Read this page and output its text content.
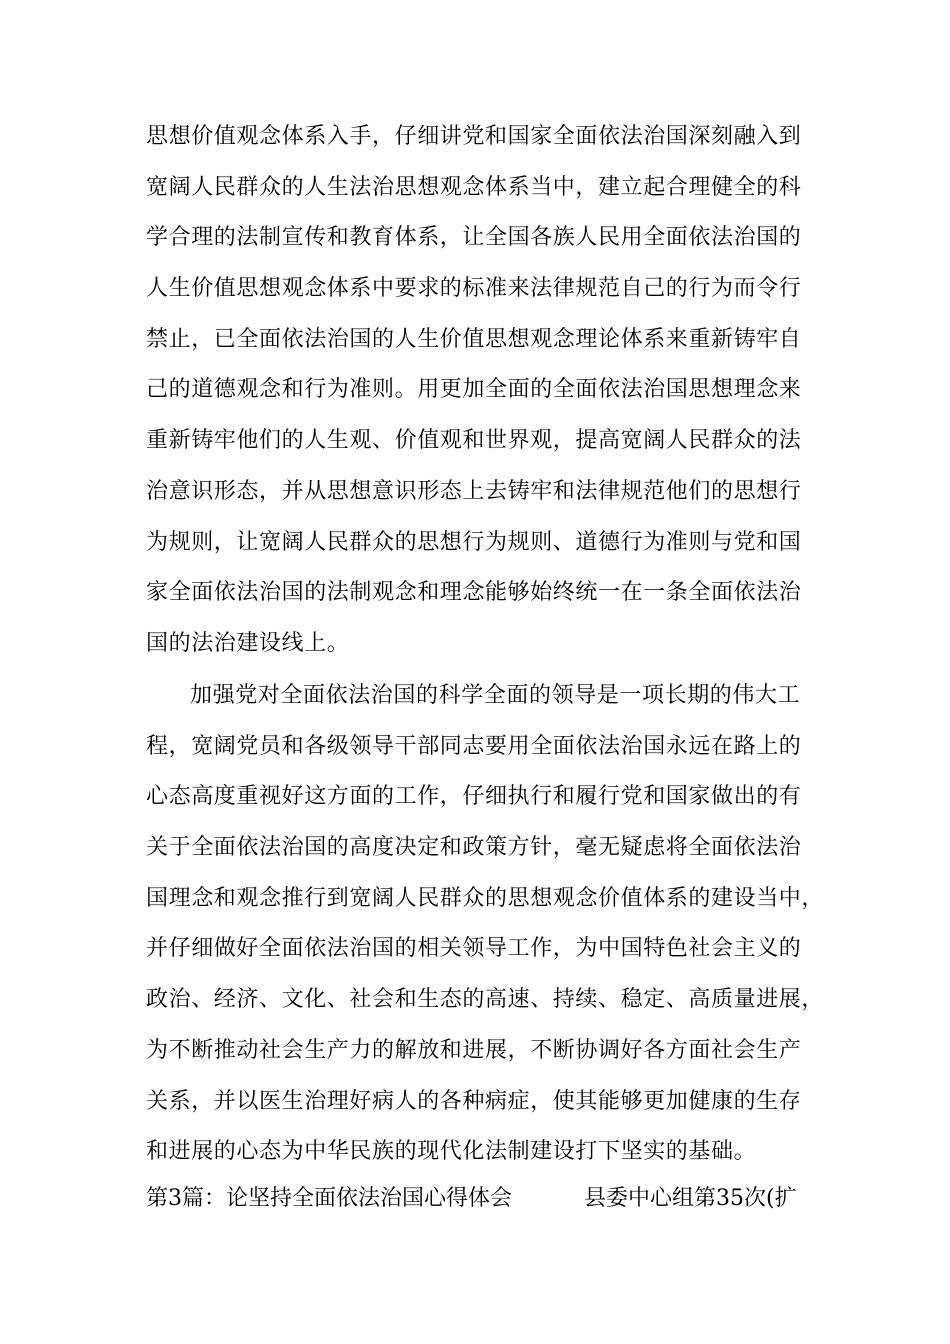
思想价值观念体系入手，仔细讲党和国家全面依法治国深刻融入到
宽阔人民群众的人生法治思想观念体系当中，建立起合理健全的科
学合理的法制宣传和教育体系，让全国各族人民用全面依法治国的
人生价值思想观念体系中要求的标准来法律规范自己的行为而令行
禁止，已全面依法治国的人生价值思想观念理论体系来重新铸牢自
己的道德观念和行为准则。用更加全面的全面依法治国思想理念来
重新铸牢他们的人生观、价值观和世界观，提高宽阔人民群众的法
治意识形态，并从思想意识形态上去铸牢和法律规范他们的思想行
为规则，让宽阔人民群众的思想行为规则、道德行为准则与党和国
家全面依法治国的法制观念和理念能够始终统一在一条全面依法治
国的法治建设线上。
加强党对全面依法治国的科学全面的领导是一项长期的伟大工
程，宽阔党员和各级领导干部同志要用全面依法治国永远在路上的
心态高度重视好这方面的工作，仔细执行和履行党和国家做出的有
关于全面依法治国的高度决定和政策方针，毫无疑虑将全面依法治
国理念和观念推行到宽阔人民群众的思想观念价值体系的建设当中，
并仔细做好全面依法治国的相关领导工作，为中国特色社会主义的
政治、经济、文化、社会和生态的高速、持续、稳定、高质量进展，
为不断推动社会生产力的解放和进展，不断协调好各方面社会生产
关系，并以医生治理好病人的各种病症，使其能够更加健康的生存
和进展的心态为中华民族的现代化法制建设打下坚实的基础。
第3篇：论坚持全面依法治国心得体会	县委中心组第35次(扩
